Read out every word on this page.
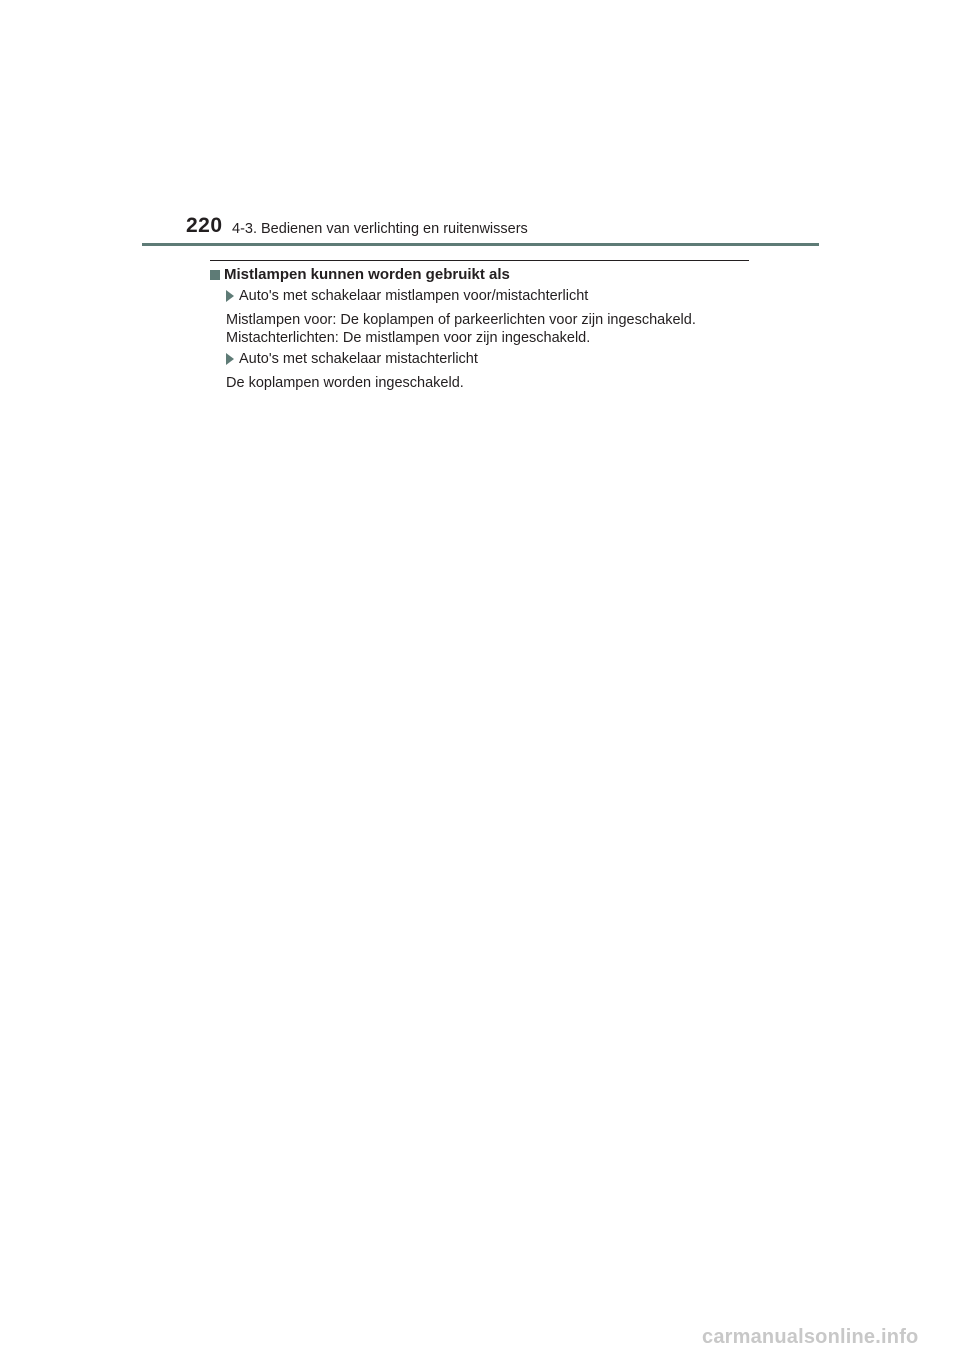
220 4-3. Bedienen van verlichting en ruitenwissers
Mistlampen kunnen worden gebruikt als
Auto's met schakelaar mistlampen voor/mistachterlicht
Mistlampen voor: De koplampen of parkeerlichten voor zijn ingeschakeld.
Mistachterlichten: De mistlampen voor zijn ingeschakeld.
Auto's met schakelaar mistachterlicht
De koplampen worden ingeschakeld.
carmanualsonline.info
